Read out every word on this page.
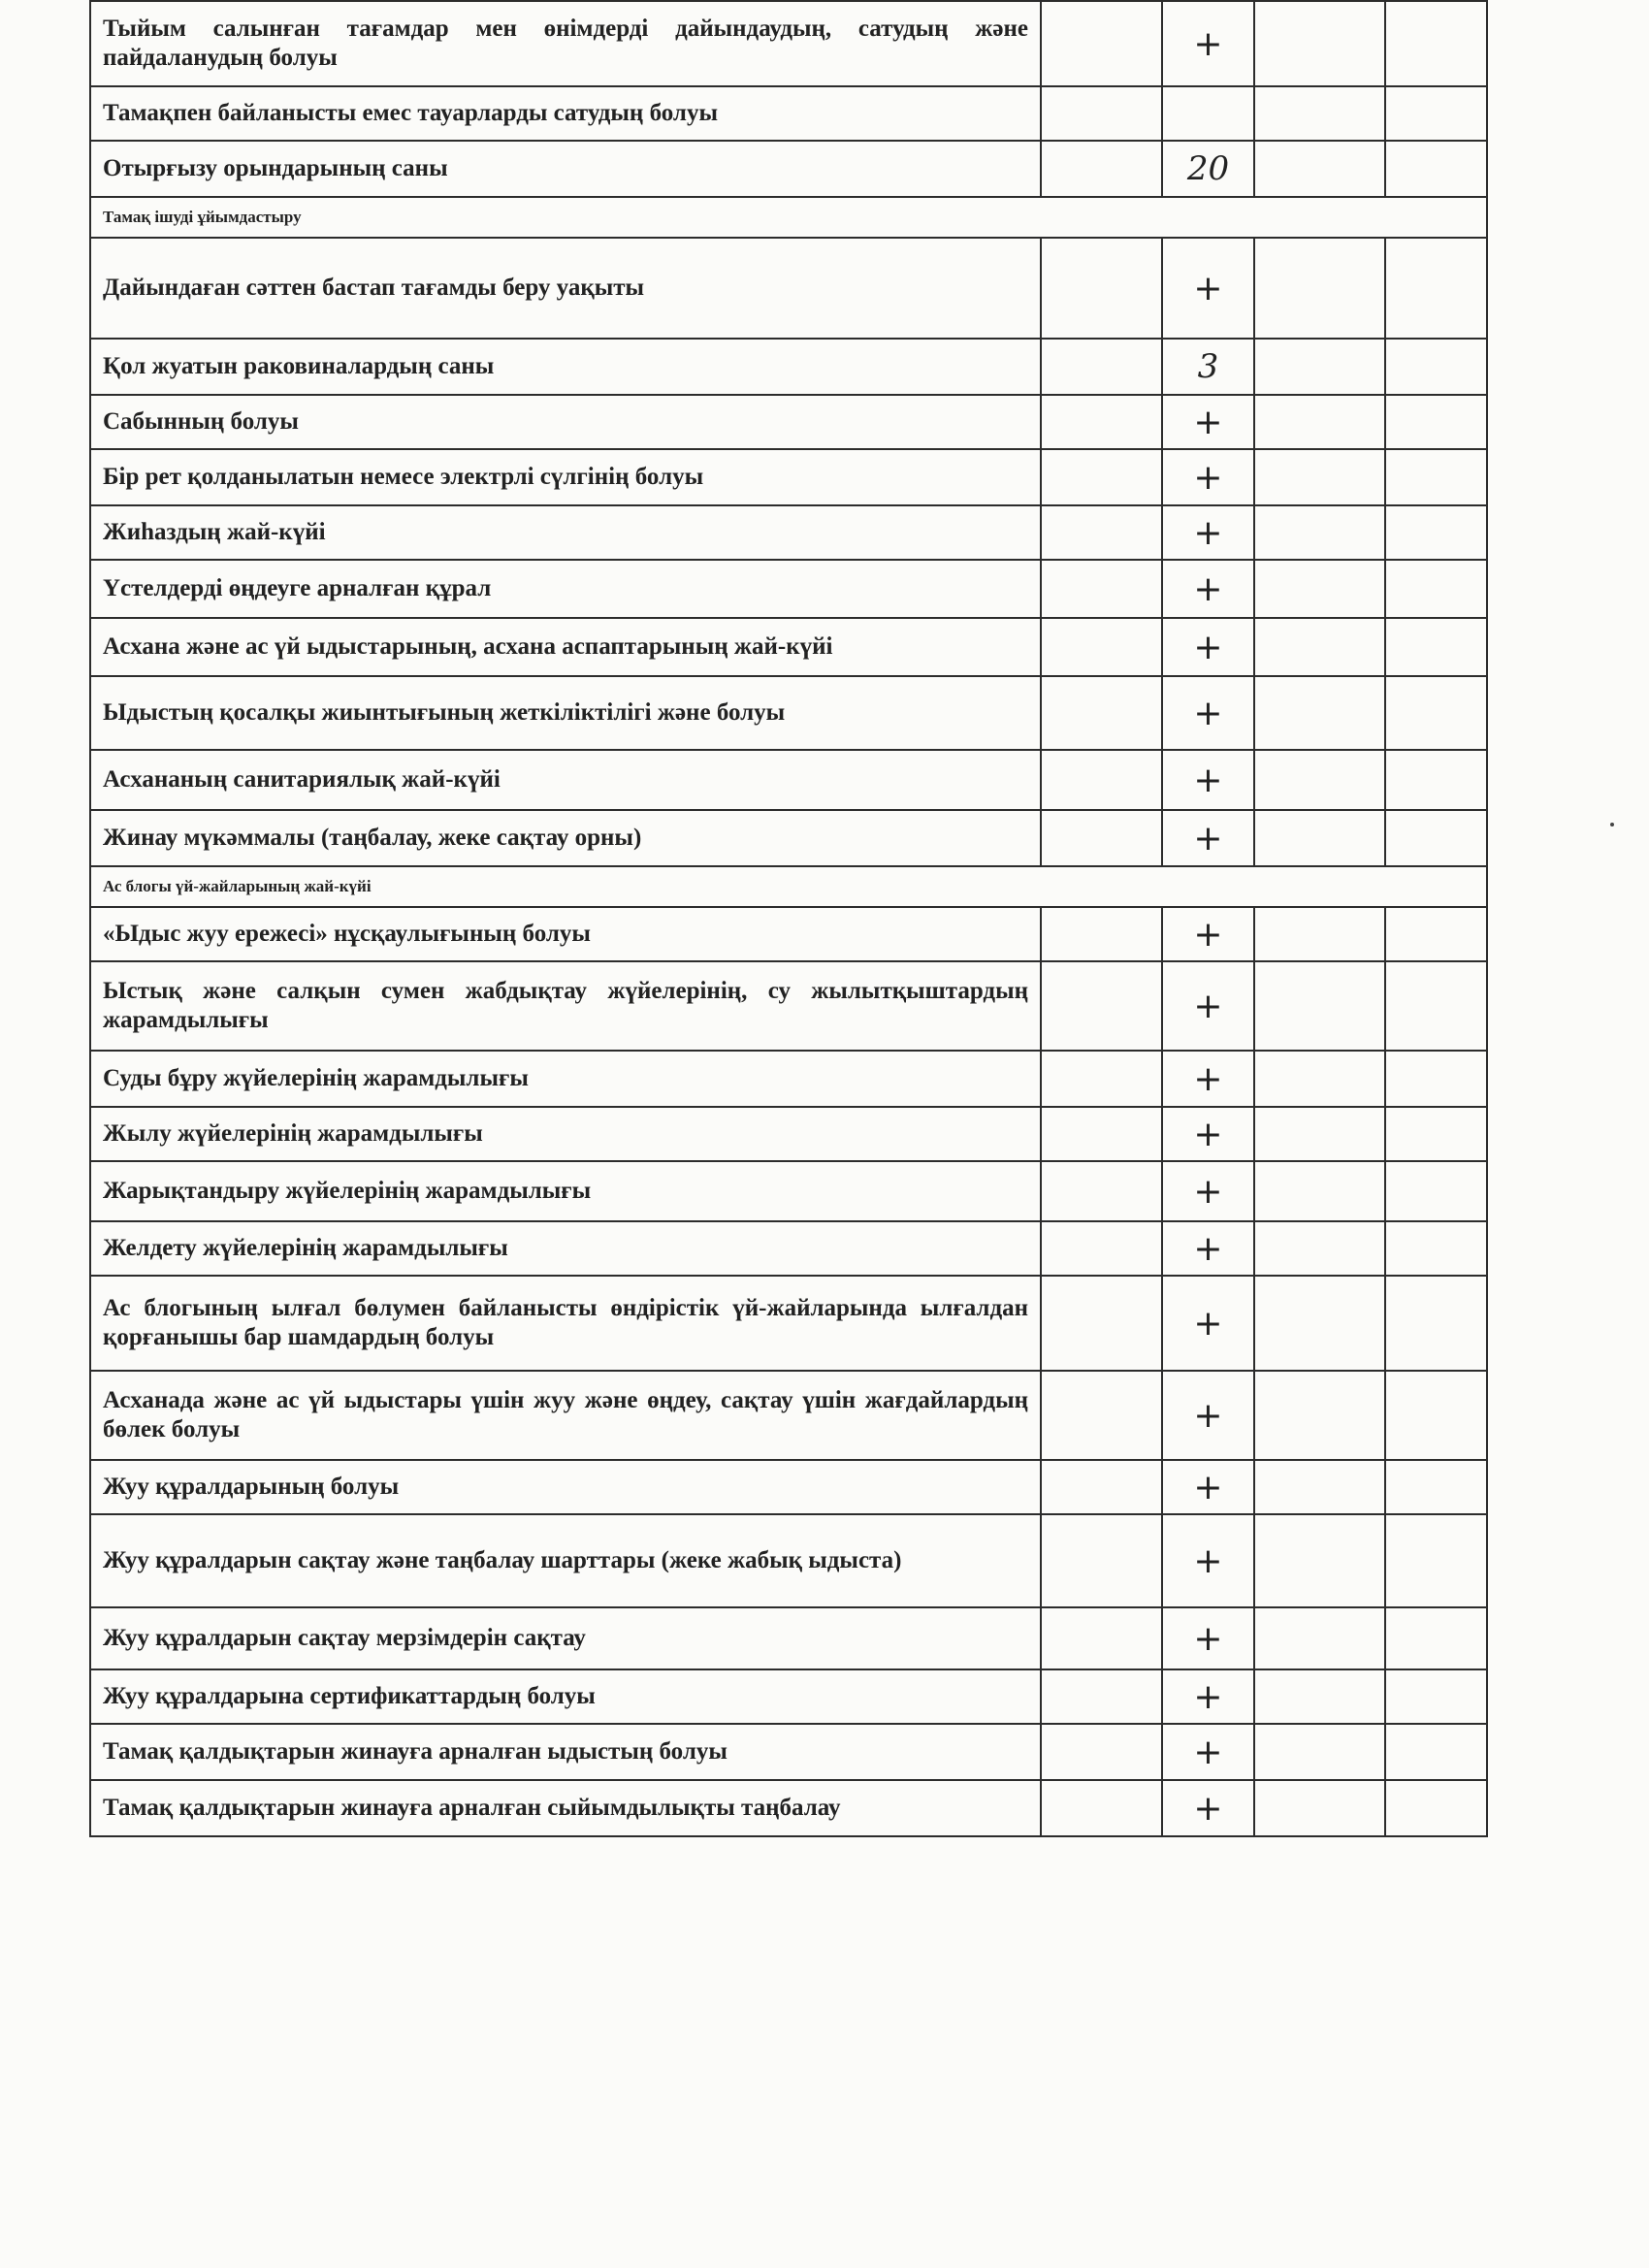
Тыйым салынған тағамдар мен өнімдерді дайындаудың, сатудың және пайдаланудың болуы		+		
Тамақпен байланысты емес тауарларды сатудың болуы				
Отырғызу орындарының саны		20		
Тамақ ішуді ұйымдастыру				
Дайындаған сәттен бастап тағамды беру уақыты		+		
Қол жуатын раковиналардың саны		3		
Сабынның болуы		+		
Бір рет қолданылатын немесе электрлі сүлгінің болуы		+		
Жиһаздың жай-күйі		+		
Үстелдерді өңдеуге арналған құрал		+		
Асхана және ас үй ыдыстарының, асхана аспаптарының жай-күйі		+		
Ыдыстың қосалқы жиынтығының жеткіліктілігі және болуы		+		
Асхананың санитариялық жай-күйі		+		
Жинау мүкәммалы (таңбалау, жеке сақтау орны)		+		
Ас блогы үй-жайларының жай-күйі				
«Ыдыс жуу ережесі» нұсқаулығының болуы		+		
Ыстық және салқын сумен жабдықтау жүйелерінің, су жылытқыштардың жарамдылығы		+		
Суды бұру жүйелерінің жарамдылығы		+		
Жылу жүйелерінің жарамдылығы		+		
Жарықтандыру жүйелерінің жарамдылығы		+		
Желдету жүйелерінің жарамдылығы		+		
Ас блогының ылғал бөлумен байланысты өндірістік үй-жайларында ылғалдан қорғанышы бар шамдардың болуы		+		
Асханада және ас үй ыдыстары үшін жуу және өңдеу, сақтау үшін жағдайлардың бөлек болуы		+		
Жуу құралдарының болуы		+		
Жуу құралдарын сақтау және таңбалау шарттары (жеке жабық ыдыста)		+		
Жуу құралдарын сақтау мерзімдерін сақтау		+		
Жуу құралдарына сертификаттардың болуы		+		
Тамақ қалдықтарын жинауға арналған ыдыстың болуы		+		
Тамақ қалдықтарын жинауға арналған сыйымдылықты таңбалау		+		
